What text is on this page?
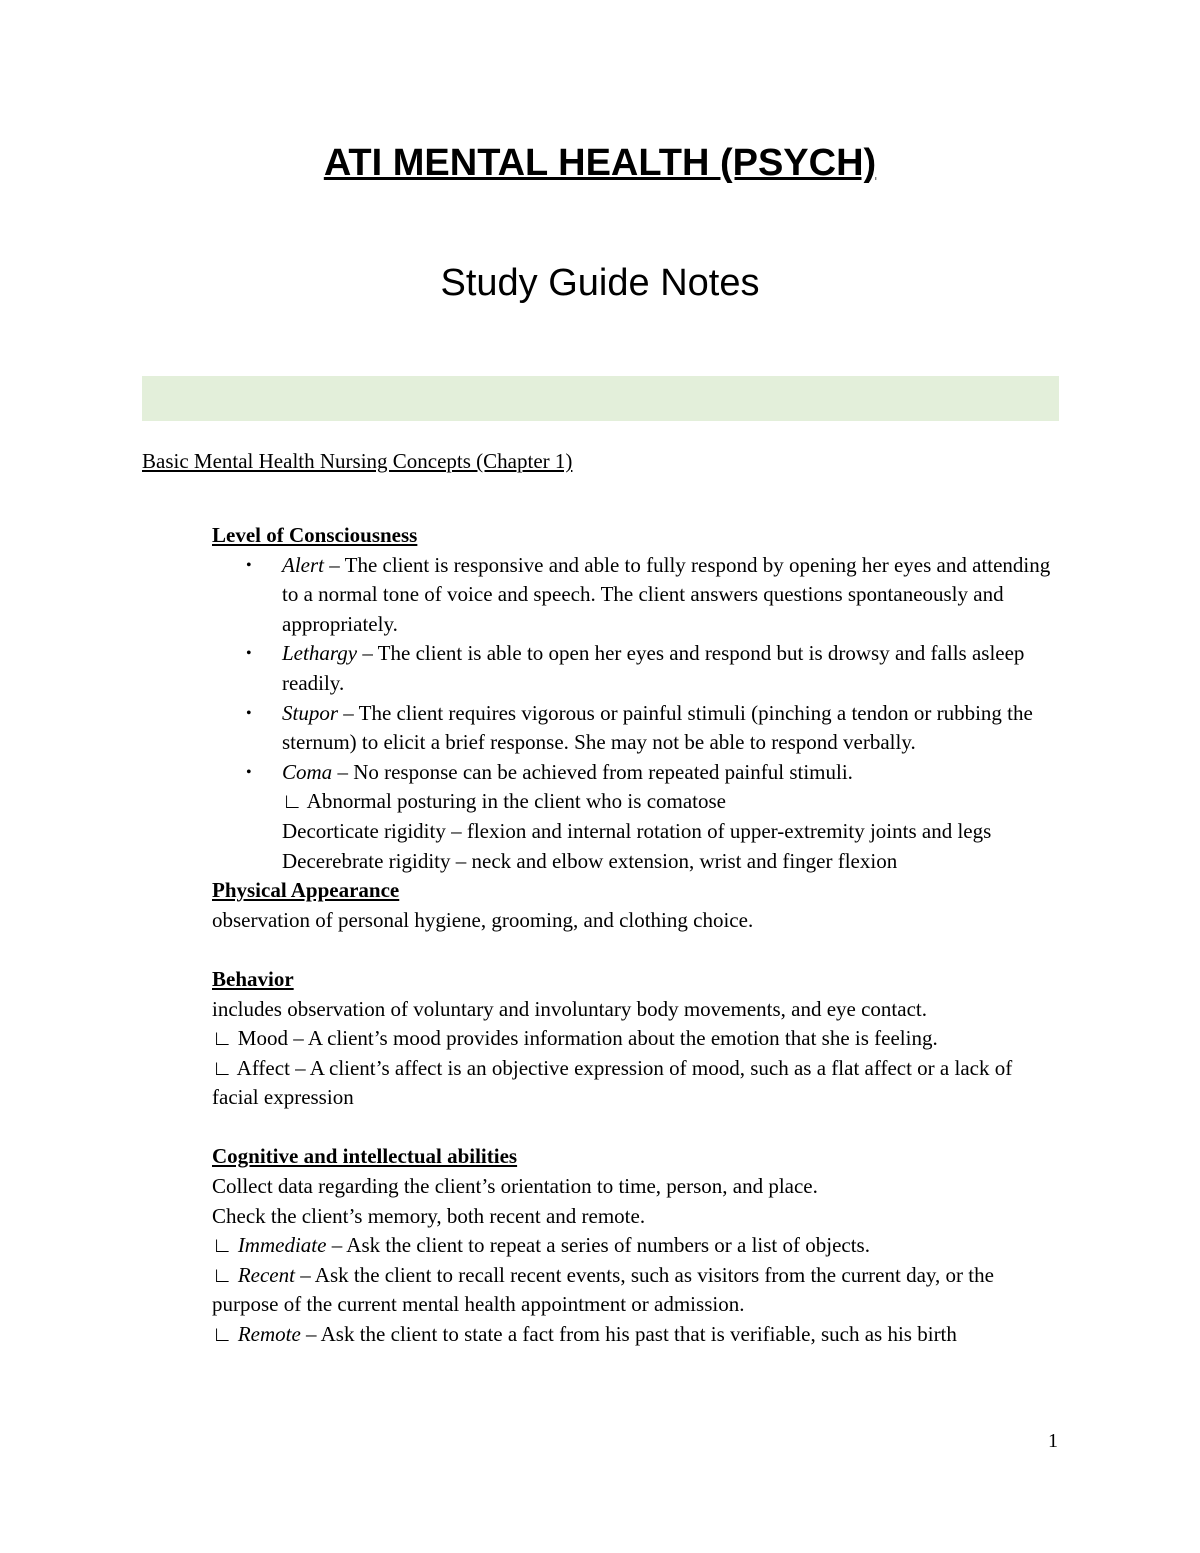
ATI MENTAL HEALTH (PSYCH)
Study Guide Notes
Basic Mental Health Nursing Concepts (Chapter 1)
Level of Consciousness
• Alert – The client is responsive and able to fully respond by opening her eyes and attending to a normal tone of voice and speech. The client answers questions spontaneously and appropriately.
• Lethargy – The client is able to open her eyes and respond but is drowsy and falls asleep readily.
• Stupor – The client requires vigorous or painful stimuli (pinching a tendon or rubbing the sternum) to elicit a brief response. She may not be able to respond verbally.
• Coma – No response can be achieved from repeated painful stimuli.
∟ Abnormal posturing in the client who is comatose
Decorticate rigidity – flexion and internal rotation of upper-extremity joints and legs
Decerebrate rigidity – neck and elbow extension, wrist and finger flexion
Physical Appearance
observation of personal hygiene, grooming, and clothing choice.
Behavior
includes observation of voluntary and involuntary body movements, and eye contact.
∟ Mood – A client’s mood provides information about the emotion that she is feeling.
∟ Affect – A client’s affect is an objective expression of mood, such as a flat affect or a lack of facial expression
Cognitive and intellectual abilities
Collect data regarding the client’s orientation to time, person, and place.
Check the client’s memory, both recent and remote.
∟ Immediate – Ask the client to repeat a series of numbers or a list of objects.
∟ Recent – Ask the client to recall recent events, such as visitors from the current day, or the purpose of the current mental health appointment or admission.
∟ Remote – Ask the client to state a fact from his past that is verifiable, such as his birth
1
